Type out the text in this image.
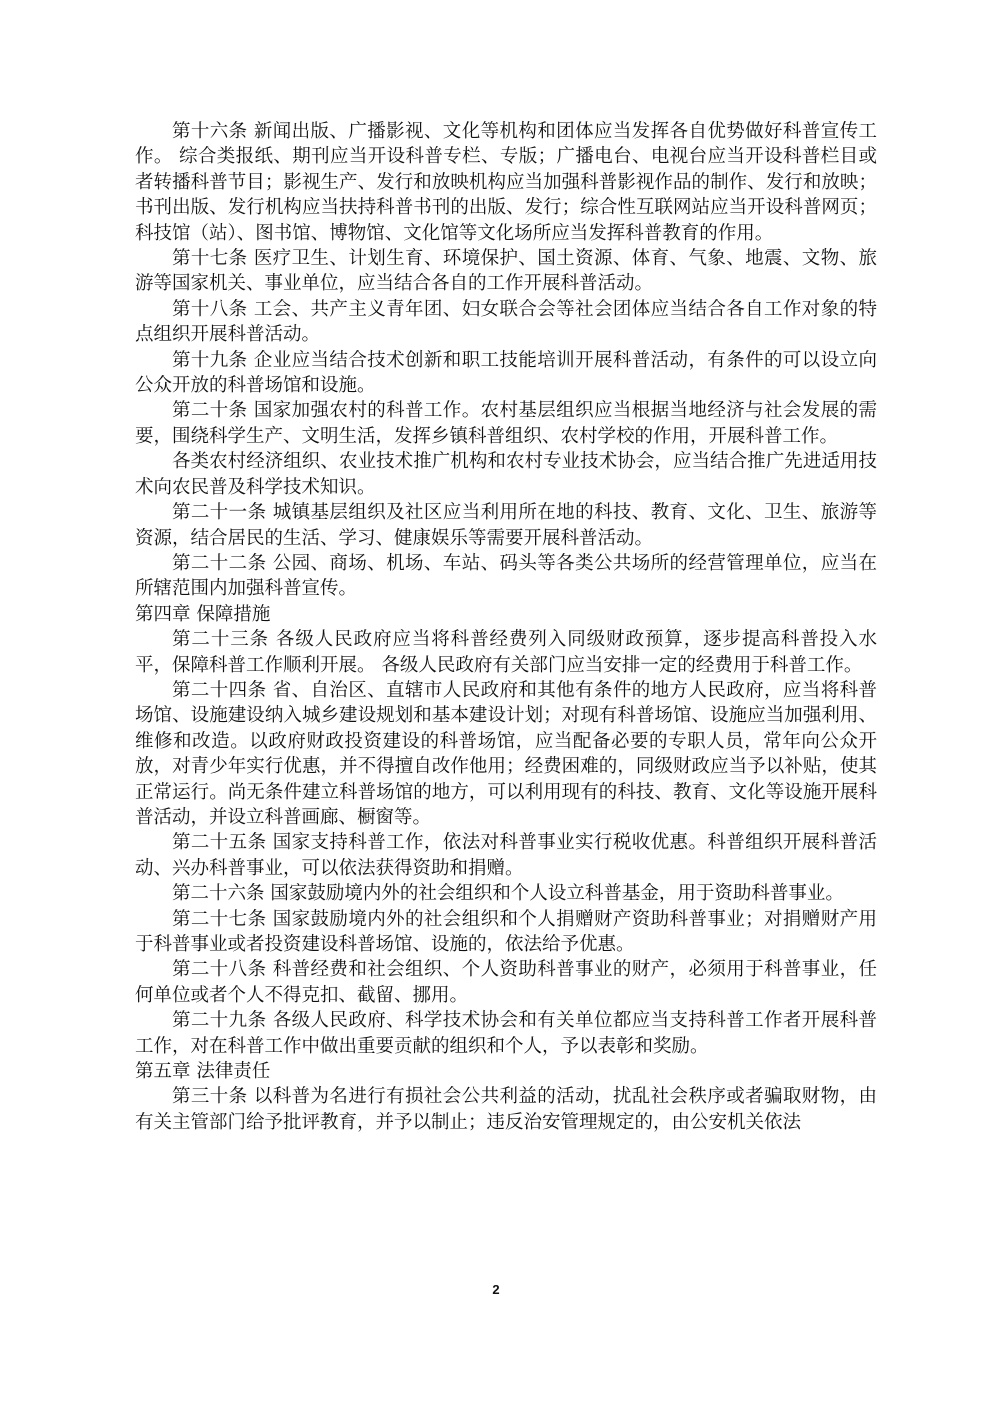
第十六条 新闻出版、广播影视、文化等机构和团体应当发挥各自优势做好科普宣传工作。 综合类报纸、期刊应当开设科普专栏、专版；广播电台、电视台应当开设科普栏目或者转播科普节目；影视生产、发行和放映机构应当加强科普影视作品的制作、发行和放映；书刊出版、发行机构应当扶持科普书刊的出版、发行；综合性互联网站应当开设科普网页；科技馆（站）、图书馆、博物馆、文化馆等文化场所应当发挥科普教育的作用。

第十七条 医疗卫生、计划生育、环境保护、国土资源、体育、气象、地震、文物、旅游等国家机关、事业单位，应当结合各自的工作开展科普活动。

第十八条 工会、共产主义青年团、妇女联合会等社会团体应当结合各自工作对象的特点组织开展科普活动。

第十九条 企业应当结合技术创新和职工技能培训开展科普活动，有条件的可以设立向公众开放的科普场馆和设施。

第二十条 国家加强农村的科普工作。农村基层组织应当根据当地经济与社会发展的需要，围绕科学生产、文明生活，发挥乡镇科普组织、农村学校的作用，开展科普工作。

各类农村经济组织、农业技术推广机构和农村专业技术协会，应当结合推广先进适用技术向农民普及科学技术知识。

第二十一条 城镇基层组织及社区应当利用所在地的科技、教育、文化、卫生、旅游等资源，结合居民的生活、学习、健康娱乐等需要开展科普活动。

第二十二条 公园、商场、机场、车站、码头等各类公共场所的经营管理单位，应当在所辖范围内加强科普宣传。

第四章 保障措施

第二十三条 各级人民政府应当将科普经费列入同级财政预算，逐步提高科普投入水平，保障科普工作顺利开展。 各级人民政府有关部门应当安排一定的经费用于科普工作。

第二十四条 省、自治区、直辖市人民政府和其他有条件的地方人民政府，应当将科普场馆、设施建设纳入城乡建设规划和基本建设计划；对现有科普场馆、设施应当加强利用、维修和改造。以政府财政投资建设的科普场馆，应当配备必要的专职人员，常年向公众开放，对青少年实行优惠，并不得擅自改作他用；经费困难的，同级财政应当予以补贴，使其正常运行。尚无条件建立科普场馆的地方，可以利用现有的科技、教育、文化等设施开展科普活动，并设立科普画廊、橱窗等。

第二十五条 国家支持科普工作，依法对科普事业实行税收优惠。科普组织开展科普活动、兴办科普事业，可以依法获得资助和捐赠。

第二十六条 国家鼓励境内外的社会组织和个人设立科普基金，用于资助科普事业。

第二十七条 国家鼓励境内外的社会组织和个人捐赠财产资助科普事业；对捐赠财产用于科普事业或者投资建设科普场馆、设施的，依法给予优惠。

第二十八条 科普经费和社会组织、个人资助科普事业的财产，必须用于科普事业，任何单位或者个人不得克扣、截留、挪用。

第二十九条 各级人民政府、科学技术协会和有关单位都应当支持科普工作者开展科普工作，对在科普工作中做出重要贡献的组织和个人，予以表彰和奖励。

第五章 法律责任

第三十条 以科普为名进行有损社会公共利益的活动，扰乱社会秩序或者骗取财物，由有关主管部门给予批评教育，并予以制止；违反治安管理规定的，由公安机关依法

2
